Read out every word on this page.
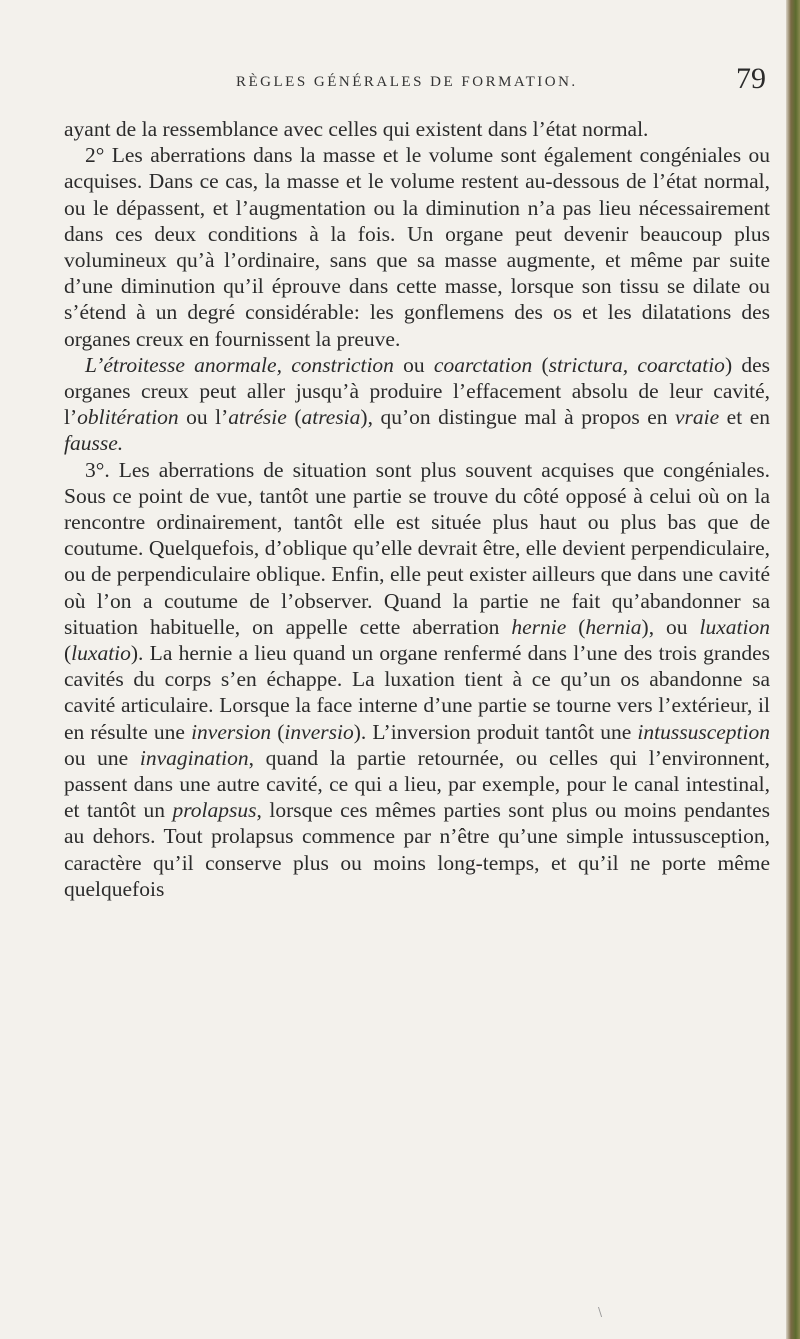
RÈGLES GÉNÉRALES DE FORMATION.	79

ayant de la ressemblance avec celles qui existent dans l’état normal.

2° Les aberrations dans la masse et le volume sont également congéniales ou acquises. Dans ce cas, la masse et le volume restent au-dessous de l’état normal, ou le dépassent, et l’augmentation ou la diminution n’a pas lieu nécessairement dans ces deux conditions à la fois. Un organe peut devenir beaucoup plus volumineux qu’à l’ordinaire, sans que sa masse augmente, et même par suite d’une diminution qu’il éprouve dans cette masse, lorsque son tissu se dilate ou s’étend à un degré considérable: les gonflemens des os et les dilatations des organes creux en fournissent la preuve.

L’étroitesse anormale, constriction ou coarctation (strictura, coarctatio) des organes creux peut aller jusqu’à produire l’effacement absolu de leur cavité, l’oblitération ou l’atrésie (atresia), qu’on distingue mal à propos en vraie et en fausse.

3°. Les aberrations de situation sont plus souvent acquises que congéniales. Sous ce point de vue, tantôt une partie se trouve du côté opposé à celui où on la rencontre ordinairement, tantôt elle est située plus haut ou plus bas que de coutume. Quelquefois, d’oblique qu’elle devrait être, elle devient perpendiculaire, ou de perpendiculaire oblique. Enfin, elle peut exister ailleurs que dans une cavité où l’on a coutume de l’observer. Quand la partie ne fait qu’abandonner sa situation habituelle, on appelle cette aberration hernie (hernia), ou luxation (luxatio). La hernie a lieu quand un organe renfermé dans l’une des trois grandes cavités du corps s’en échappe. La luxation tient à ce qu’un os abandonne sa cavité articulaire. Lorsque la face interne d’une partie se tourne vers l’extérieur, il en résulte une inversion (inversio). L’inversion produit tantôt une intussusception ou une invagination, quand la partie retournée, ou celles qui l’environnent, passent dans une autre cavité, ce qui a lieu, par exemple, pour le canal intestinal, et tantôt un prolapsus, lorsque ces mêmes parties sont plus ou moins pendantes au dehors. Tout prolapsus commence par n’être qu’une simple intussusception, caractère qu’il conserve plus ou moins long-temps, et qu’il ne porte même quelquefois

\
